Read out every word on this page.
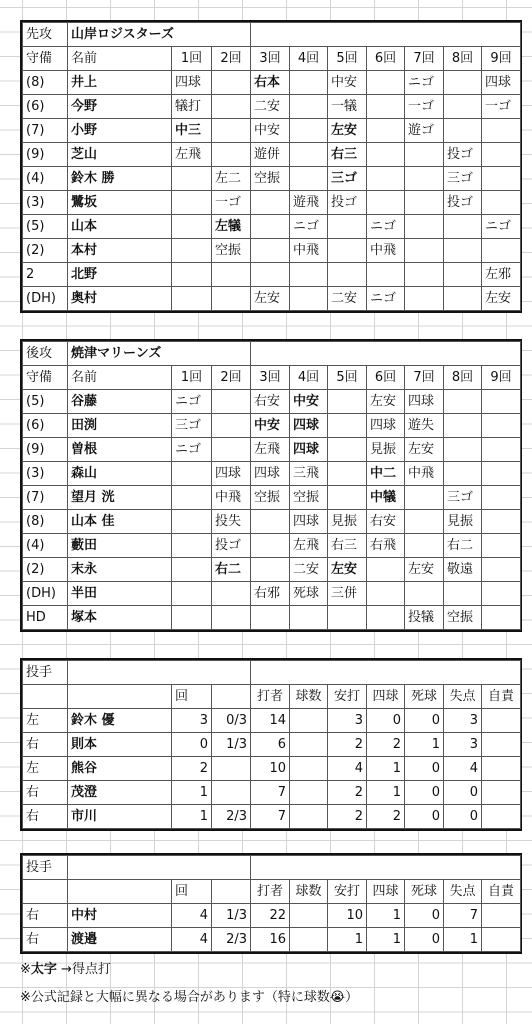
先攻	山岸ロジスターズ									
守備	名前	1回	2回	3回	4回	5回	6回	7回	8回	9回
(8)	井上	四球		右本		中安		ニゴ		四球
(6)	今野	犠打		二安		一犠		一ゴ		一ゴ
(7)	小野	中三		中安		左安		遊ゴ		
(9)	芝山	左飛		遊併		右三			投ゴ	
(4)	鈴木 勝		左二	空振		三ゴ			三ゴ	
(3)	鷺坂		一ゴ		遊飛	投ゴ			投ゴ	
(5)	山本		左犠		ニゴ		ニゴ			ニゴ
(2)	本村		空振		中飛		中飛			
2	北野									左邪
(DH)	奥村			左安		二安	ニゴ			左安
後攻	焼津マリーンズ									
守備	名前	1回	2回	3回	4回	5回	6回	7回	8回	9回
(5)	谷藤	ニゴ		右安	中安		左安	四球		
(6)	田渕	三ゴ		中安	四球		四球	遊失		
(9)	曽根	ニゴ		左飛	四球		見振	左安		
(3)	森山		四球	四球	三飛		中二	中飛		
(7)	望月 洸		中飛	空振	空振		中犠		三ゴ	
(8)	山本 佳		投失		四球	見振	右安		見振	
(4)	藪田		投ゴ		左飛	右三	右飛		右二	
(2)	末永		右二		二安	左安		左安	敬遠	
(DH)	半田			右邪	死球	三併				
HD	塚本							投犠	空振	
投手										
		回		打者	球数	安打	四球	死球	失点	自責
左	鈴木 優	3	0/3	14		3	0	0	3	
右	則本	0	1/3	6		2	2	1	3	
左	熊谷	2		10		4	1	0	4	
右	茂澄	1		7		2	1	0	0	
右	市川	1	2/3	7		2	2	0	0	
投手										
		回		打者	球数	安打	四球	死球	失点	自責
右	中村	4	1/3	22		10	1	0	7	
右	渡邉	4	2/3	16		1	1	0	1	
※太字 →得点打
※公式記録と大幅に異なる場合があります（特に球数😭）
